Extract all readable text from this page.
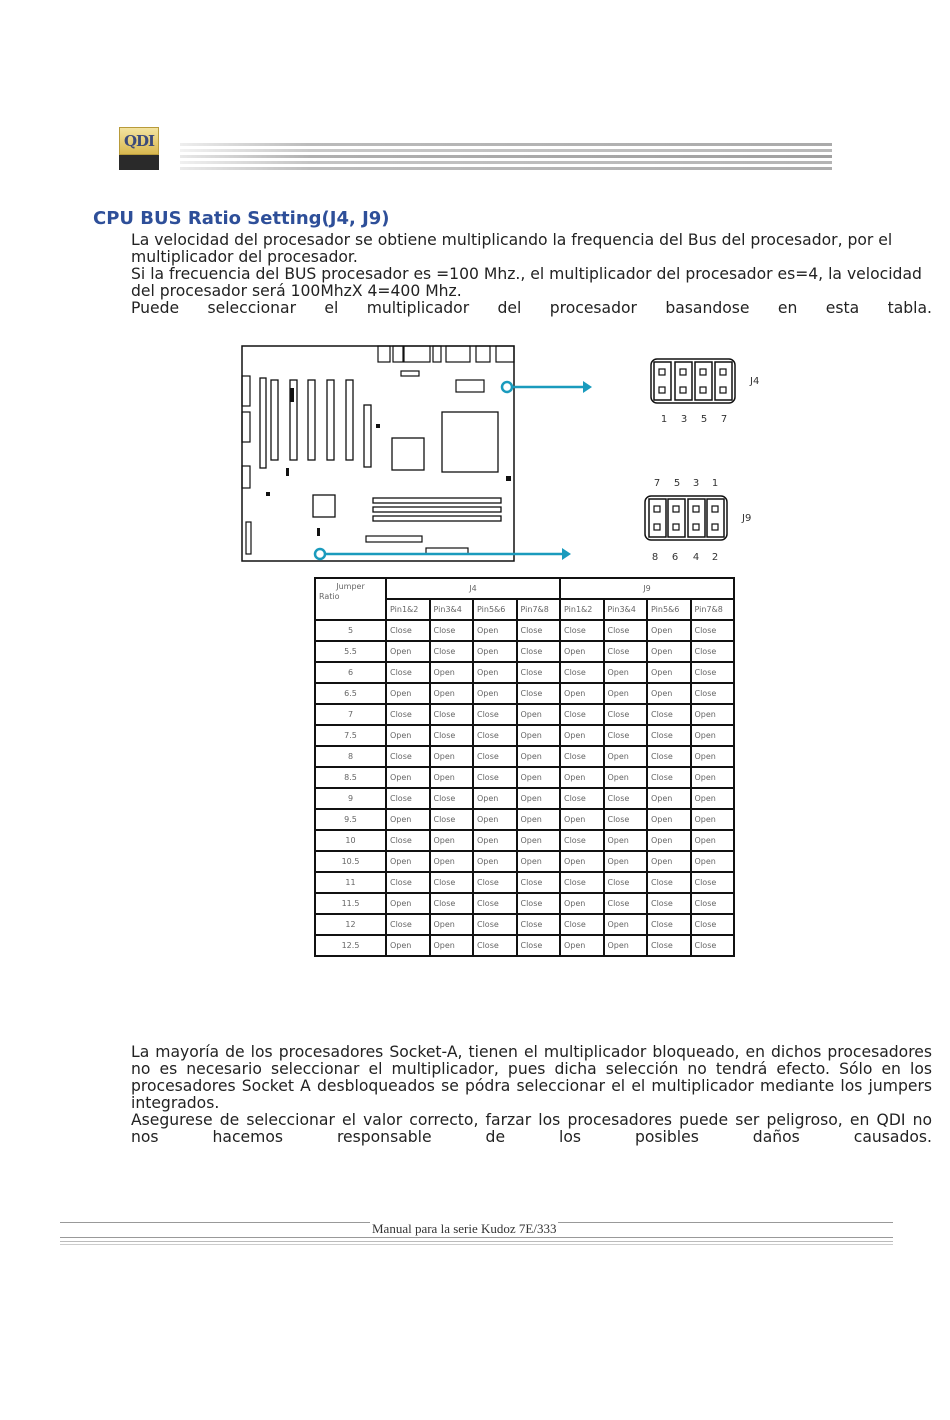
QDI
CPU BUS Ratio Setting(J4, J9)

La velocidad del procesador se obtiene multiplicando la frequencia del Bus del procesador, por el multiplicador del procesador.

Si la frecuencia del BUS procesador es =100 Mhz., el multiplicador del procesador es=4, la velocidad del procesador será 100MhzX 4=400 Mhz.

Puede seleccionar el multiplicador del procesador basandose en esta tabla.

1 3 5 7
J4
7 5 3 1
8 6 4 2
J9
Jumper
Ratio	J4				J9			
	Pin1&2	Pin3&4	Pin5&6	Pin7&8	Pin1&2	Pin3&4	Pin5&6	Pin7&8
5	Close	Close	Open	Close	Close	Close	Open	Close
5.5	Open	Close	Open	Close	Open	Close	Open	Close
6	Close	Open	Open	Close	Close	Open	Open	Close
6.5	Open	Open	Open	Close	Open	Open	Open	Close
7	Close	Close	Close	Open	Close	Close	Close	Open
7.5	Open	Close	Close	Open	Open	Close	Close	Open
8	Close	Open	Close	Open	Close	Open	Close	Open
8.5	Open	Open	Close	Open	Open	Open	Close	Open
9	Close	Close	Open	Open	Close	Close	Open	Open
9.5	Open	Close	Open	Open	Open	Close	Open	Open
10	Close	Open	Open	Open	Close	Open	Open	Open
10.5	Open	Open	Open	Open	Open	Open	Open	Open
11	Close	Close	Close	Close	Close	Close	Close	Close
11.5	Open	Close	Close	Close	Open	Close	Close	Close
12	Close	Open	Close	Close	Close	Open	Close	Close
12.5	Open	Open	Close	Close	Open	Open	Close	Close

La mayoría de los procesadores Socket-A, tienen el multiplicador bloqueado, en dichos procesadores no es necesario seleccionar el multiplicador, pues dicha selección no tendrá efecto. Sólo en los procesadores Socket A desbloqueados se pódra seleccionar el el multiplicador mediante los jumpers integrados.

Asegurese de seleccionar el valor correcto, farzar los procesadores puede ser peligroso, en QDI no nos hacemos responsable de los posibles daños causados.

Manual para la serie Kudoz 7E/333
